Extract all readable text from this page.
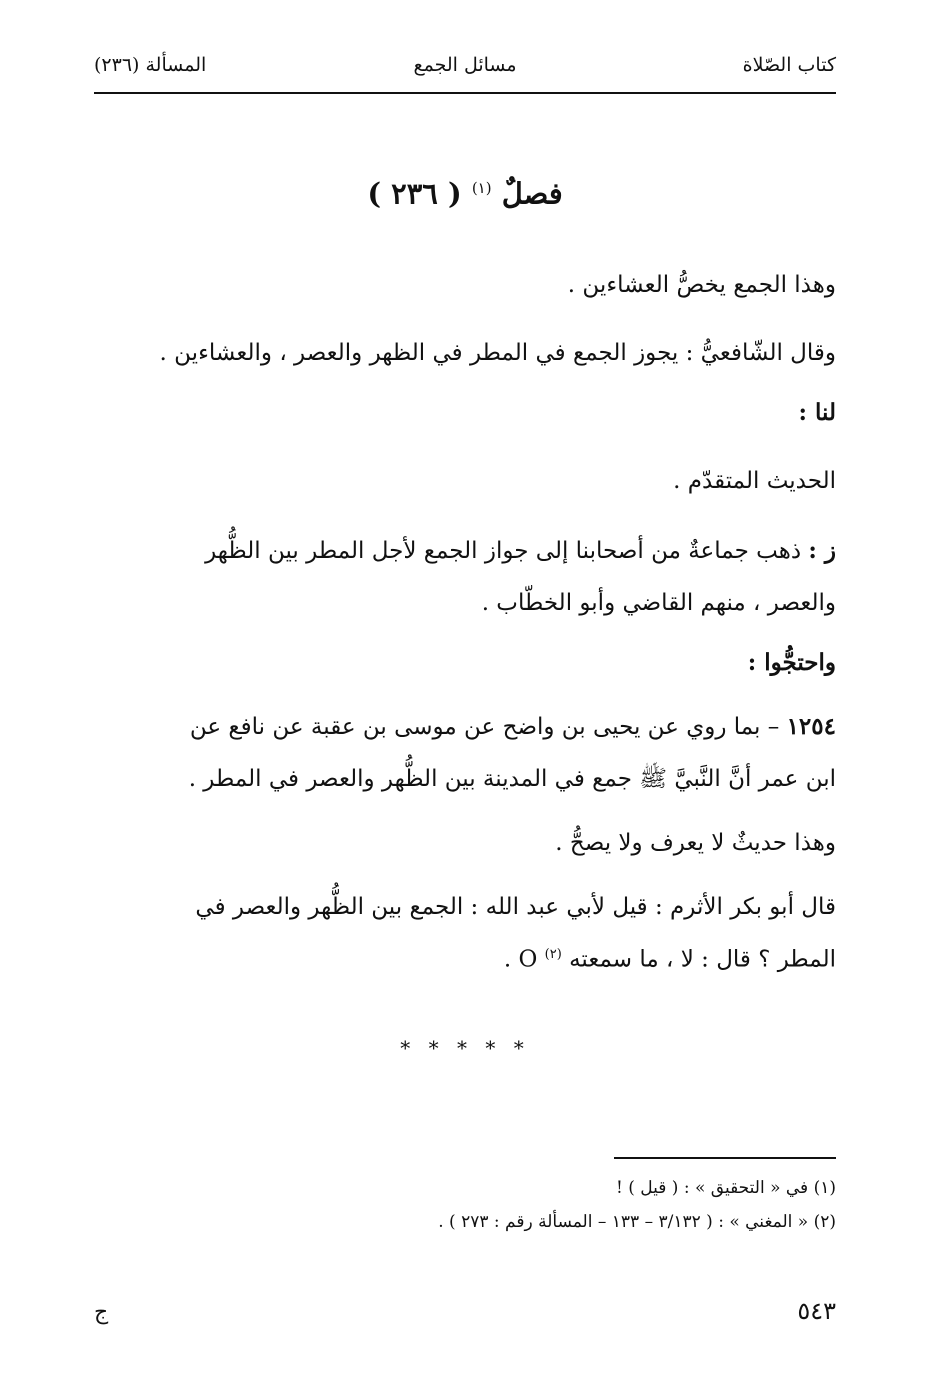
كتاب الصّلاة
مسائل الجمع
المسألة (٢٣٦)
فصلٌ $^{(١)}$ ( ٢٣٦ )
وهذا الجمع يخصُّ العشاءين .
وقال الشّافعيُّ : يجوز الجمع في المطر في الظهر والعصر ، والعشاءين .
لنا :
الحديث المتقدّم .
ز : ذهب جماعةٌ من أصحابنا إلى جواز الجمع لأجل المطر بين الظُّهر
والعصر ، منهم القاضي وأبو الخطّاب .
واحتجُّوا :
١٢٥٤ – بما روي عن يحيى بن واضح عن موسى بن عقبة عن نافع عن
ابن عمر أنَّ النَّبيَّ ﷺ جمع في المدينة بين الظُّهر والعصر في المطر .
وهذا حديثٌ لا يعرف ولا يصحُّ .
قال أبو بكر الأثرم : قيل لأبي عبد الله : الجمع بين الظُّهر والعصر في
المطر ؟ قال : لا ، ما سمعته $^{(٢)}$ O .
* * * * *
(١) في « التحقيق » : ( قيل ) !
(٢) « المغني » : ( ٣/١٣٢ – ١٣٣ – المسألة رقم : ٢٧٣ ) .
٥٤٣
ج
